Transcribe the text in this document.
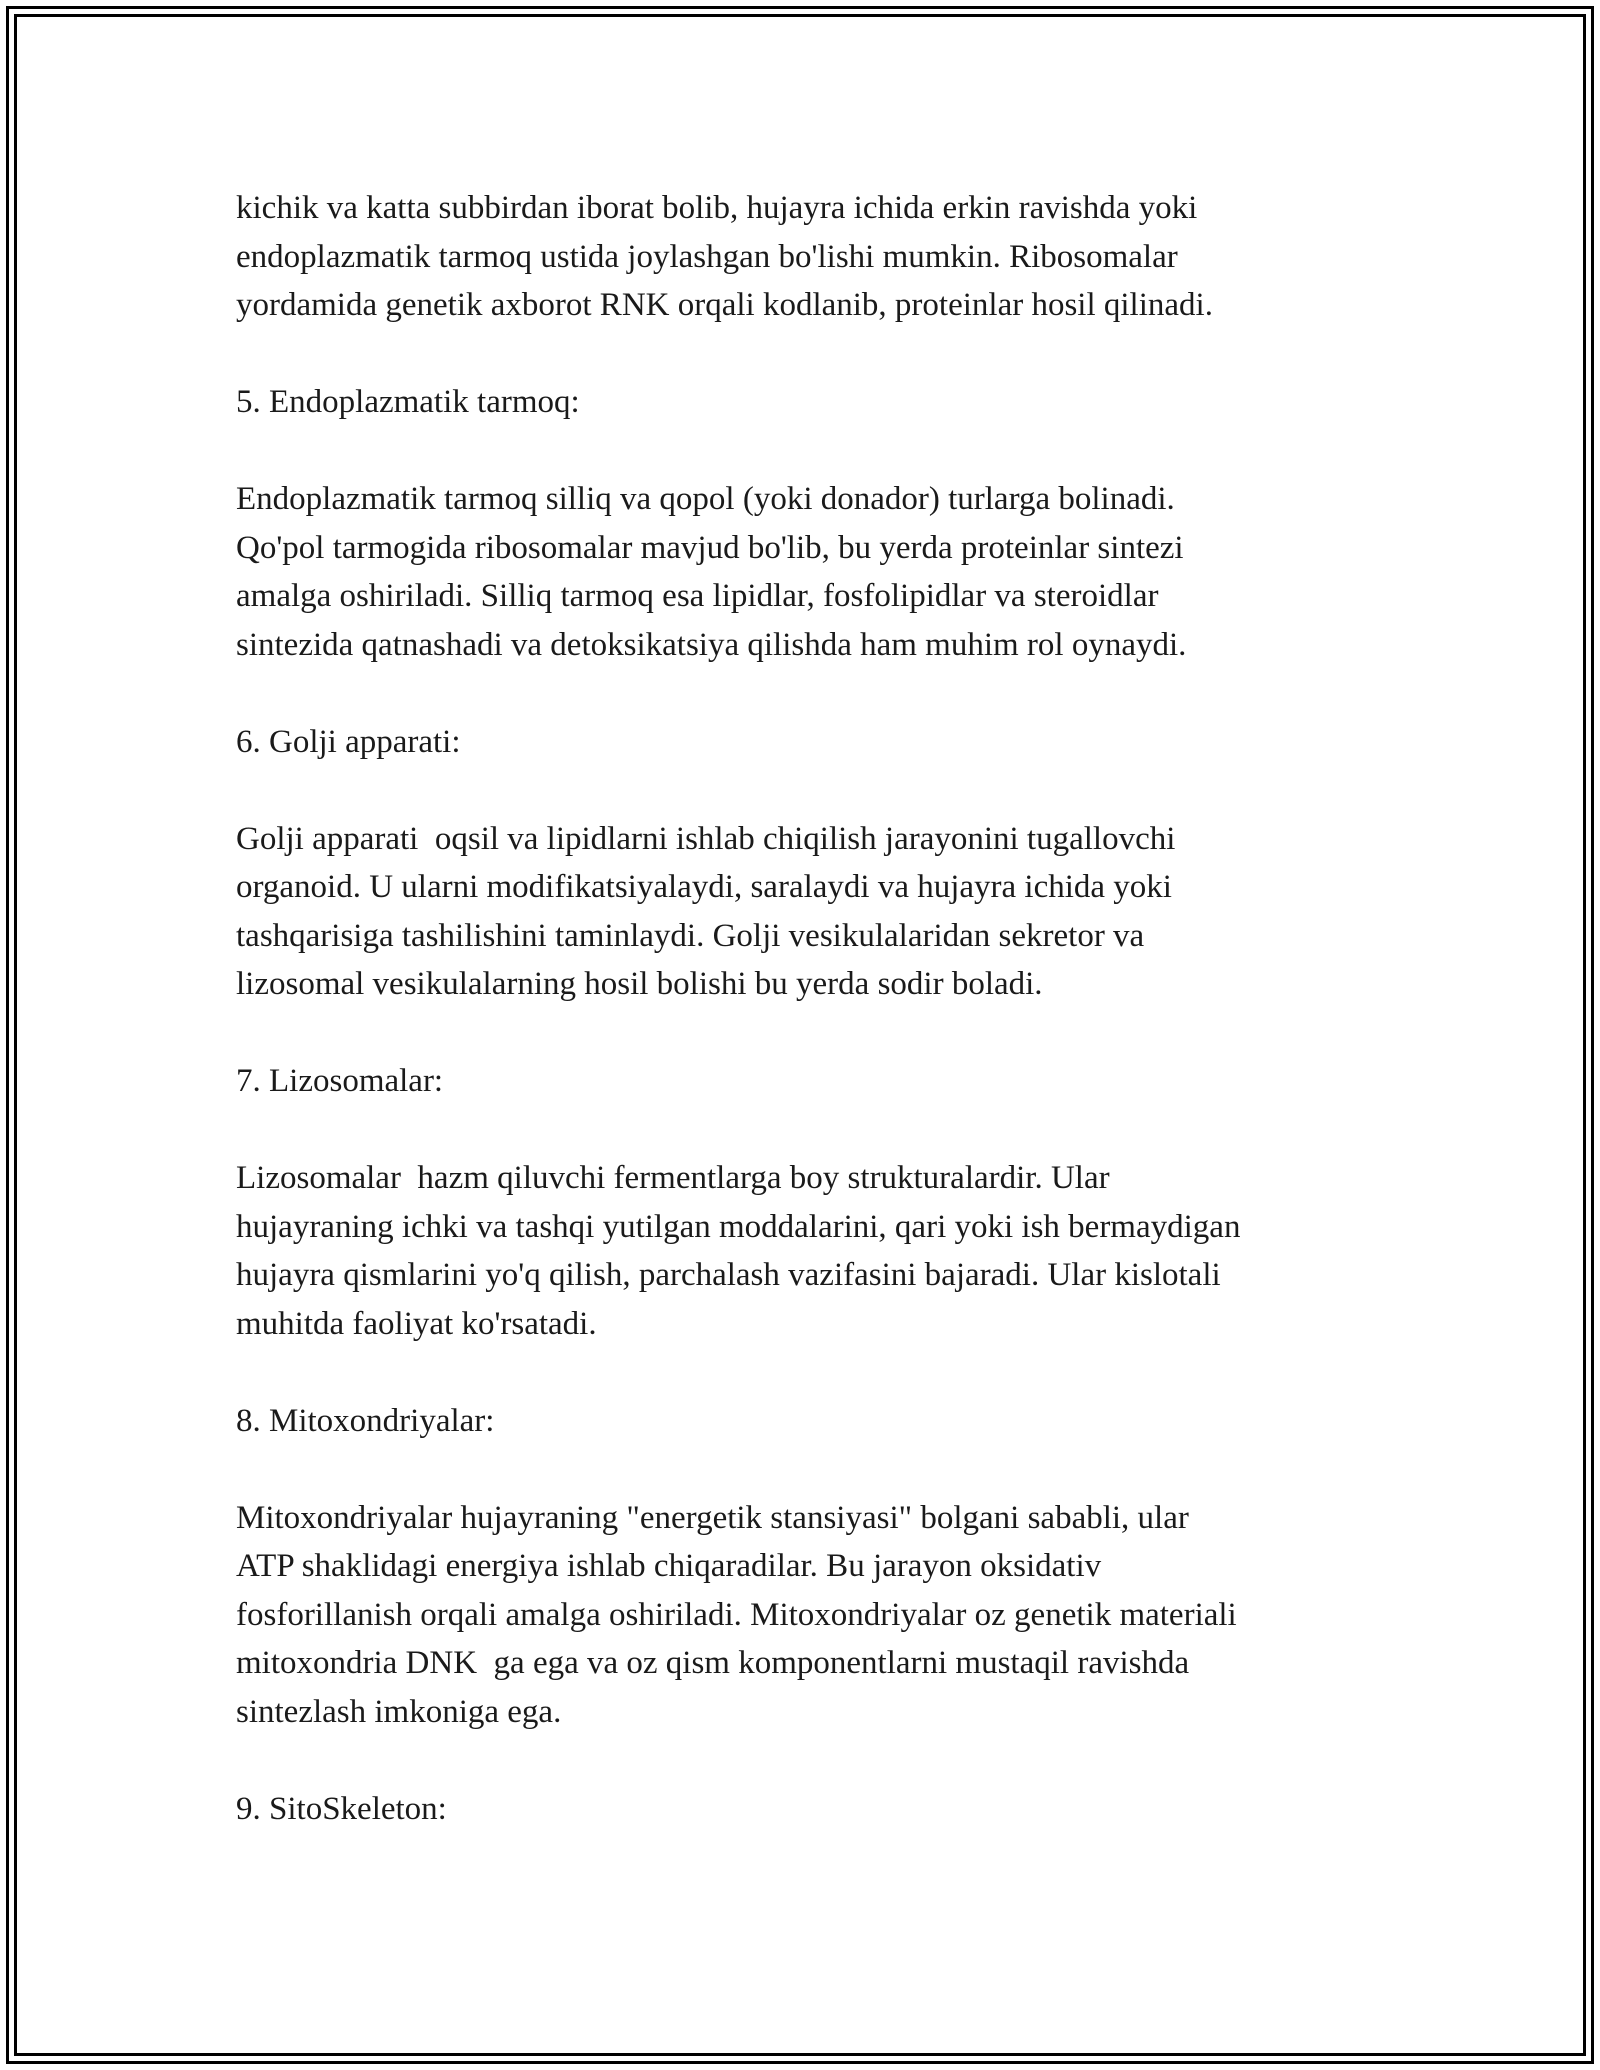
kichik va katta subbirdan iborat bolib, hujayra ichida erkin ravishda yoki

endoplazmatik tarmoq ustida joylashgan bo'lishi mumkin. Ribosomalar

yordamida genetik axborot RNK orqali kodlanib, proteinlar hosil qilinadi.

5. Endoplazmatik tarmoq:

Endoplazmatik tarmoq silliq va qopol (yoki donador) turlarga bolinadi.

Qo'pol tarmogida ribosomalar mavjud bo'lib, bu yerda proteinlar sintezi

amalga oshiriladi. Silliq tarmoq esa lipidlar, fosfolipidlar va steroidlar

sintezida qatnashadi va detoksikatsiya qilishda ham muhim rol oynaydi.

6. Golji apparati:

Golji apparati  oqsil va lipidlarni ishlab chiqilish jarayonini tugallovchi

organoid. U ularni modifikatsiyalaydi, saralaydi va hujayra ichida yoki

tashqarisiga tashilishini taminlaydi. Golji vesikulalaridan sekretor va

lizosomal vesikulalarning hosil bolishi bu yerda sodir boladi.

7. Lizosomalar:

Lizosomalar  hazm qiluvchi fermentlarga boy strukturalardir. Ular

hujayraning ichki va tashqi yutilgan moddalarini, qari yoki ish bermaydigan

hujayra qismlarini yo'q qilish, parchalash vazifasini bajaradi. Ular kislotali

muhitda faoliyat ko'rsatadi.

8. Mitoxondriyalar:

Mitoxondriyalar hujayraning "energetik stansiyasi" bolgani sababli, ular

ATP shaklidagi energiya ishlab chiqaradilar. Bu jarayon oksidativ

fosforillanish orqali amalga oshiriladi. Mitoxondriyalar oz genetik materiali

mitoxondria DNK  ga ega va oz qism komponentlarni mustaqil ravishda

sintezlash imkoniga ega.

9. SitoSkeleton:
